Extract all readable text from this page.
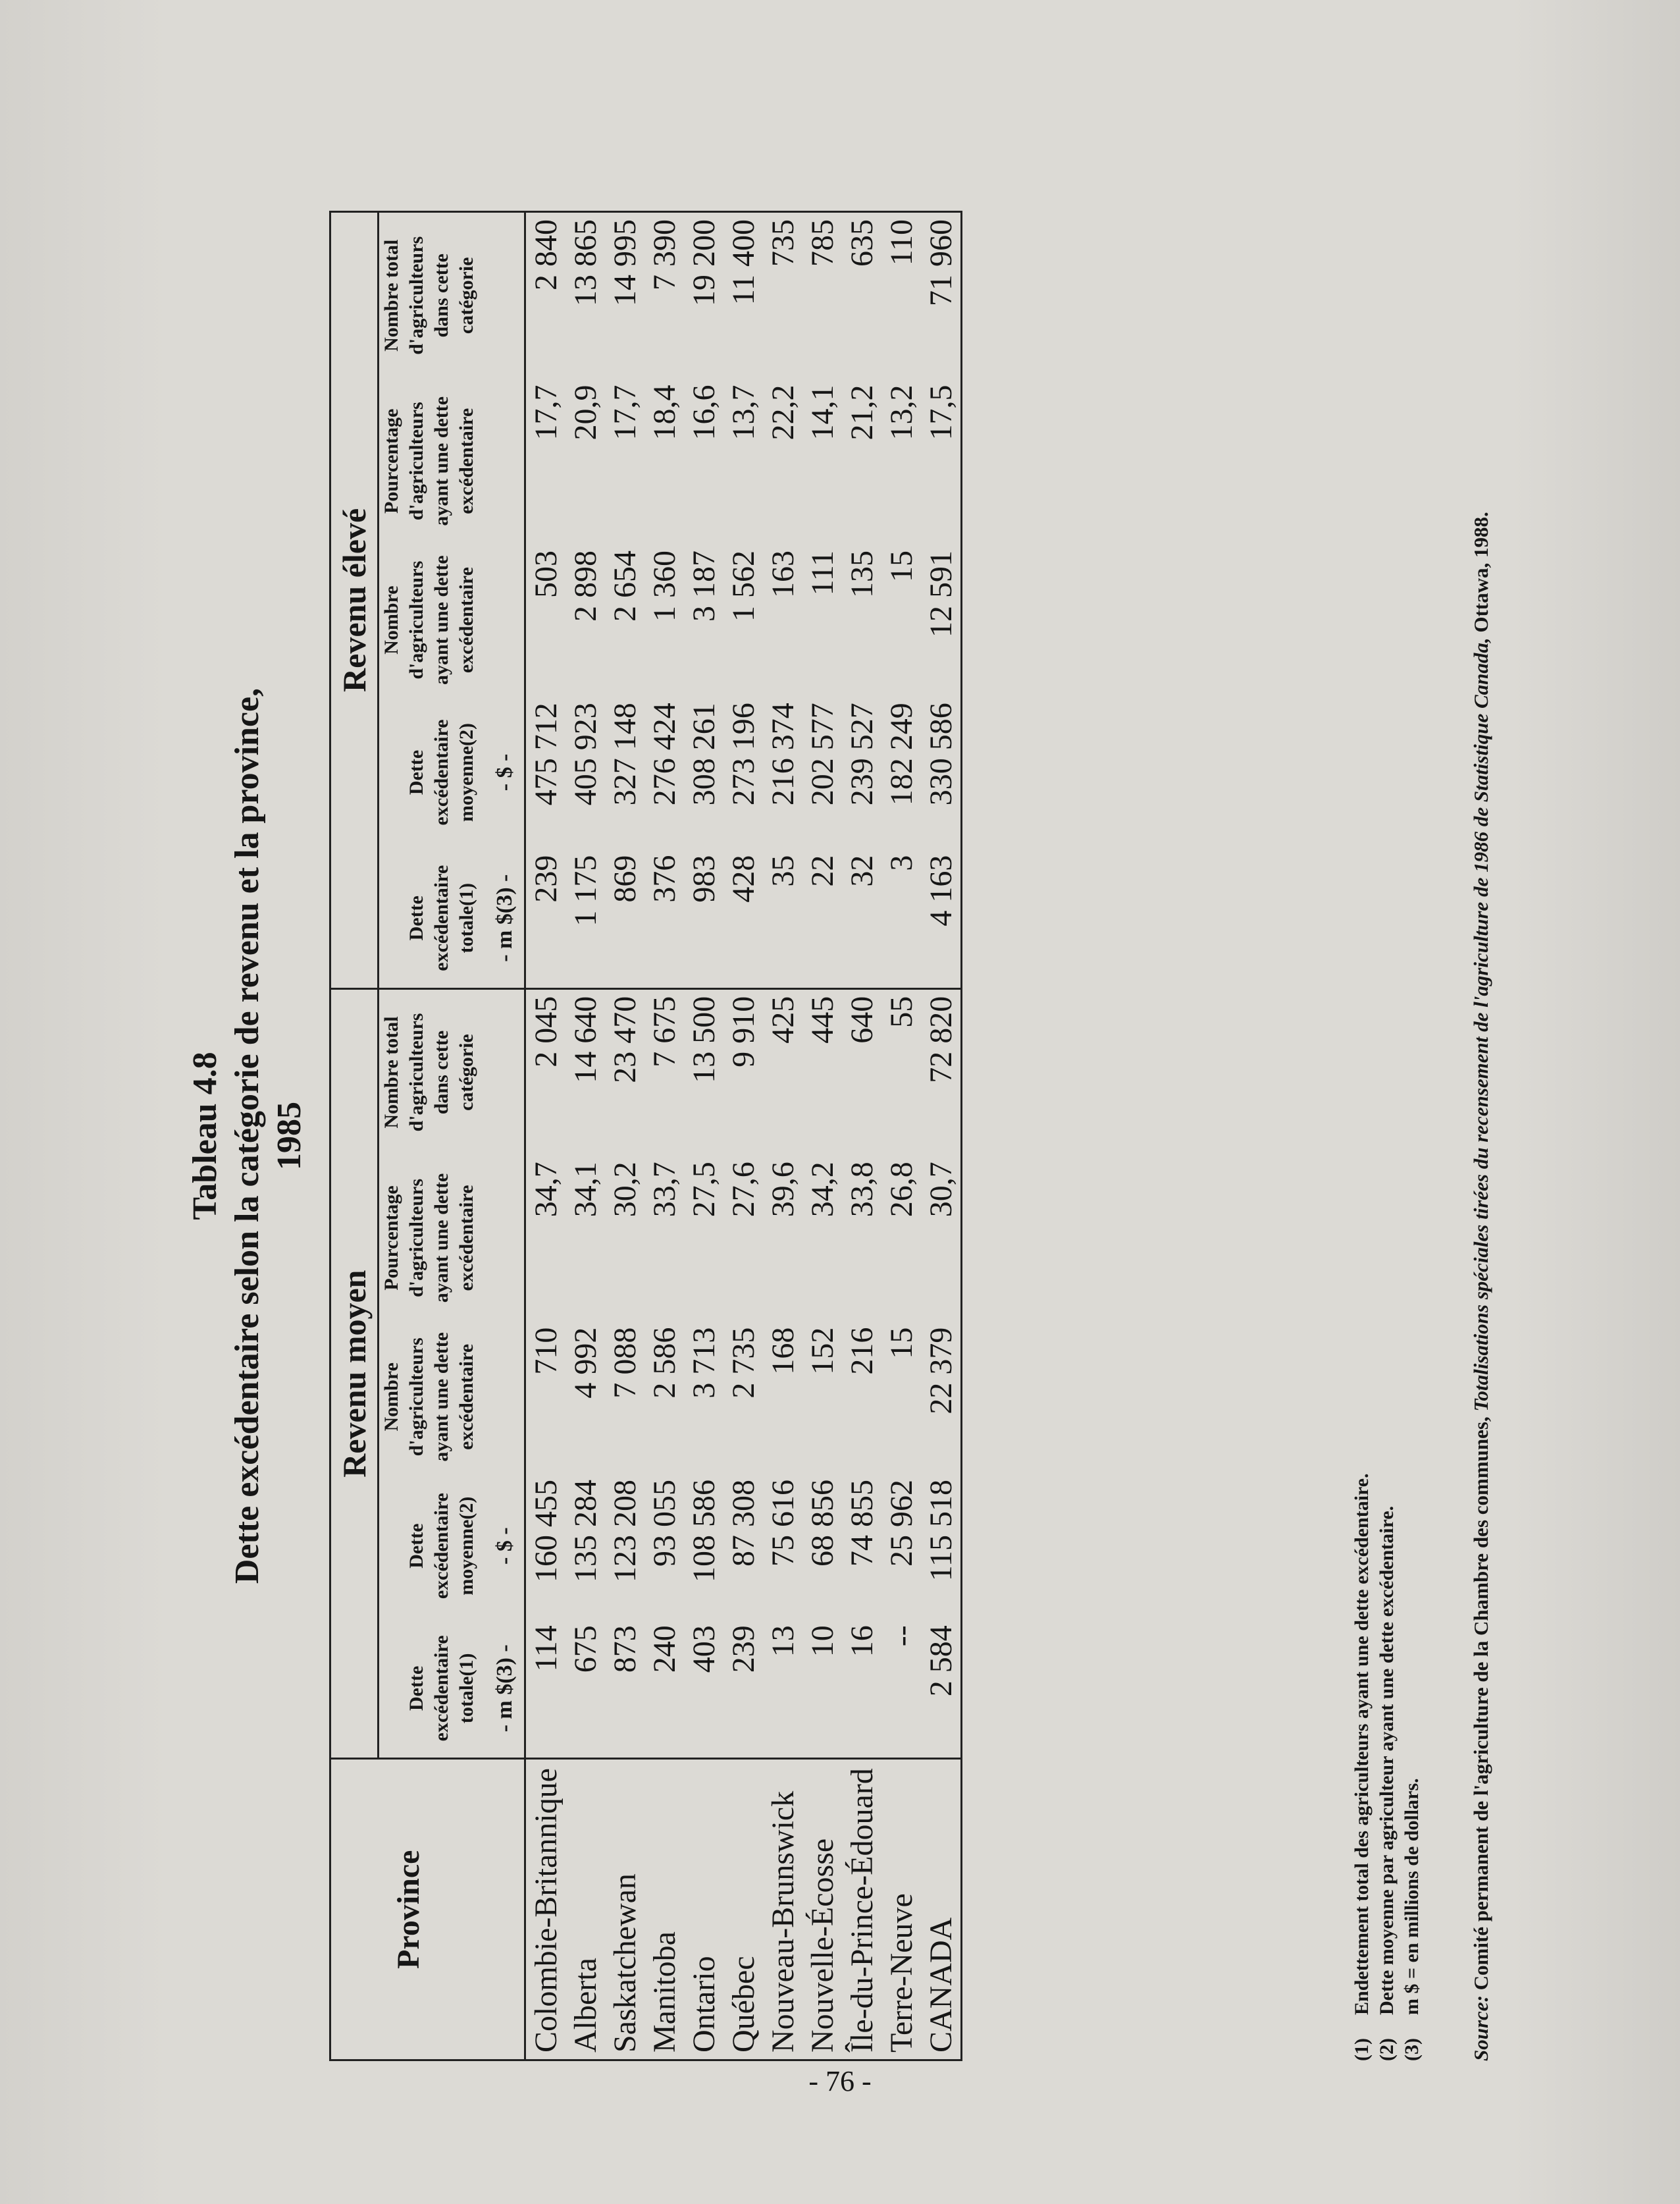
Tableau 4.8 Dette excédentaire selon la catégorie de revenu et la province, 1985
Province	Revenu moyen					Revenu élevé				
	Dette excédentaire totale(1)	Dette excédentaire moyenne(2)	Nombre d'agriculteurs ayant une dette excédentaire	Pourcentage d'agriculteurs ayant une dette excédentaire	Nombre total d'agriculteurs dans cette catégorie	Dette excédentaire totale(1)	Dette excédentaire moyenne(2)	Nombre d'agriculteurs ayant une dette excédentaire	Pourcentage d'agriculteurs ayant une dette excédentaire	Nombre total d'agriculteurs dans cette catégorie
	- m $(3) -	- $ -				- m $(3) -	- $ -			
Colombie-Britannique	114	160 455	710	34,7	2 045	239	475 712	503	17,7	2 840
Alberta	675	135 284	4 992	34,1	14 640	1 175	405 923	2 898	20,9	13 865
Saskatchewan	873	123 208	7 088	30,2	23 470	869	327 148	2 654	17,7	14 995
Manitoba	240	93 055	2 586	33,7	7 675	376	276 424	1 360	18,4	7 390
Ontario	403	108 586	3 713	27,5	13 500	983	308 261	3 187	16,6	19 200
Québec	239	87 308	2 735	27,6	9 910	428	273 196	1 562	13,7	11 400
Nouveau-Brunswick	13	75 616	168	39,6	425	35	216 374	163	22,2	735
Nouvelle-Écosse	10	68 856	152	34,2	445	22	202 577	111	14,1	785
Île-du-Prince-Édouard	16	74 855	216	33,8	640	32	239 527	135	21,2	635
Terre-Neuve	--	25 962	15	26,8	55	3	182 249	15	13,2	110
CANADA	2 584	115 518	22 379	30,7	72 820	4 163	330 586	12 591	17,5	71 960
(1)
Endettement total des agriculteurs ayant une dette excédentaire.
(2)
Dette moyenne par agriculteur ayant une dette excédentaire.
(3)
m $ = en millions de dollars.
Source: Comité permanent de l'agriculture de la Chambre des communes, Totalisations spéciales tirées du recensement de l'agriculture de 1986 de Statistique Canada, Ottawa, 1988.
- 76 -
